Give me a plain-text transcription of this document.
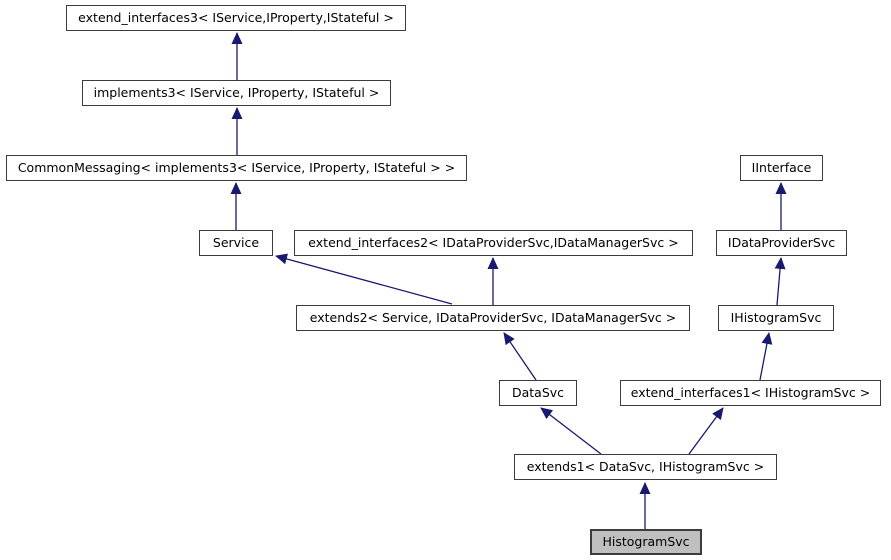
extend_interfaces3< IService,IProperty,IStateful >
implements3< IService, IProperty, IStateful >
CommonMessaging< implements3< IService, IProperty, IStateful > >
Service	extend_interfaces2< IDataProviderSvc,IDataManagerSvc >
extends2< Service, IDataProviderSvc, IDataManagerSvc >
DataSvc
IInterface
IDataProviderSvc
IHistogramSvc
extend_interfaces1< IHistogramSvc >
extends1< DataSvc, IHistogramSvc >
HistogramSvc
